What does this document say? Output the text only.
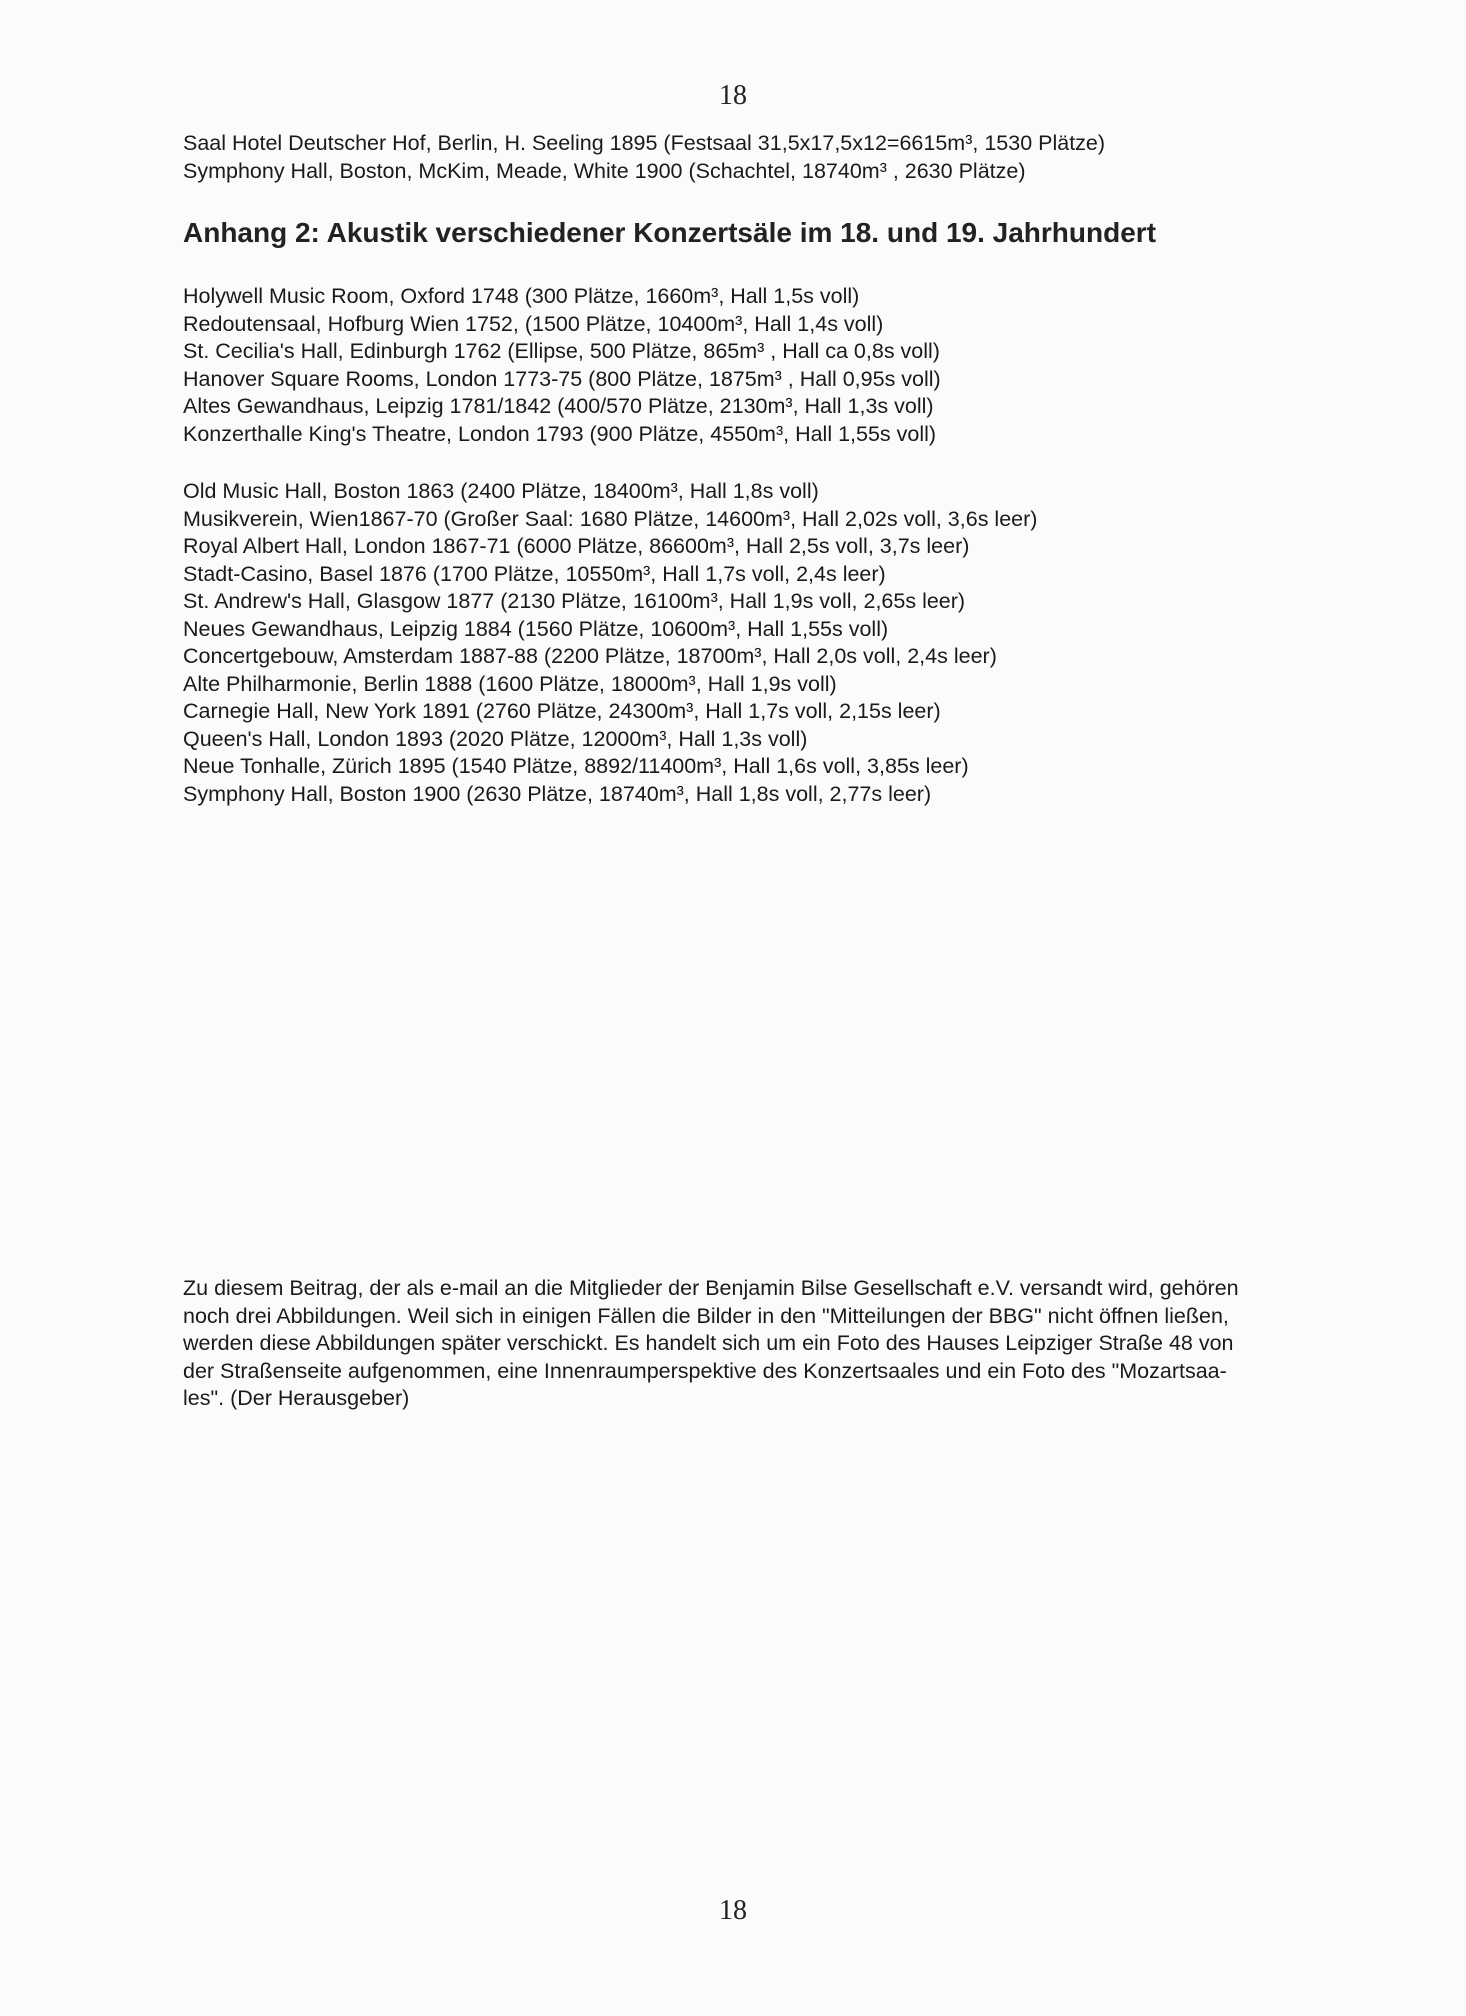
18

Saal Hotel Deutscher Hof, Berlin, H. Seeling 1895 (Festsaal 31,5x17,5x12=6615m³, 1530 Plätze)

Symphony Hall, Boston, McKim, Meade, White 1900 (Schachtel, 18740m³ , 2630 Plätze)

Anhang 2: Akustik verschiedener Konzertsäle im 18. und 19. Jahrhundert

Holywell Music Room, Oxford 1748 (300 Plätze, 1660m³, Hall 1,5s voll)

Redoutensaal, Hofburg Wien 1752, (1500 Plätze, 10400m³, Hall 1,4s voll)

St. Cecilia's Hall, Edinburgh 1762 (Ellipse, 500 Plätze, 865m³ , Hall ca 0,8s voll)

Hanover Square Rooms, London 1773-75 (800 Plätze, 1875m³ , Hall 0,95s voll)

Altes Gewandhaus, Leipzig 1781/1842 (400/570 Plätze, 2130m³, Hall 1,3s voll)

Konzerthalle King's Theatre, London 1793 (900 Plätze, 4550m³, Hall 1,55s voll)

Old Music Hall, Boston 1863 (2400 Plätze, 18400m³, Hall 1,8s voll)

Musikverein, Wien1867-70 (Großer Saal: 1680 Plätze, 14600m³, Hall 2,02s voll, 3,6s leer)

Royal Albert Hall, London 1867-71 (6000 Plätze, 86600m³, Hall 2,5s voll, 3,7s leer)

Stadt-Casino, Basel 1876 (1700 Plätze, 10550m³, Hall 1,7s voll, 2,4s leer)

St. Andrew's Hall, Glasgow 1877 (2130 Plätze, 16100m³, Hall 1,9s voll, 2,65s leer)

Neues Gewandhaus, Leipzig 1884 (1560 Plätze, 10600m³, Hall 1,55s voll)

Concertgebouw, Amsterdam 1887-88 (2200 Plätze, 18700m³, Hall 2,0s voll, 2,4s leer)

Alte Philharmonie, Berlin 1888 (1600 Plätze, 18000m³, Hall 1,9s voll)

Carnegie Hall, New York 1891 (2760 Plätze, 24300m³, Hall 1,7s voll, 2,15s leer)

Queen's Hall, London 1893 (2020 Plätze, 12000m³, Hall 1,3s voll)

Neue Tonhalle, Zürich 1895 (1540 Plätze, 8892/11400m³, Hall 1,6s voll, 3,85s leer)

Symphony Hall, Boston 1900 (2630 Plätze, 18740m³, Hall 1,8s voll, 2,77s leer)

Zu diesem Beitrag, der als e-mail an die Mitglieder der Benjamin Bilse Gesellschaft e.V. versandt wird, gehören

noch drei Abbildungen. Weil sich in einigen Fällen die Bilder in den "Mitteilungen der BBG" nicht öffnen ließen,

werden diese Abbildungen später verschickt. Es handelt sich um ein Foto des Hauses Leipziger Straße 48 von

der Straßenseite aufgenommen, eine Innenraumperspektive des Konzertsaales und ein Foto des "Mozartsaa-

les". (Der Herausgeber)

18
